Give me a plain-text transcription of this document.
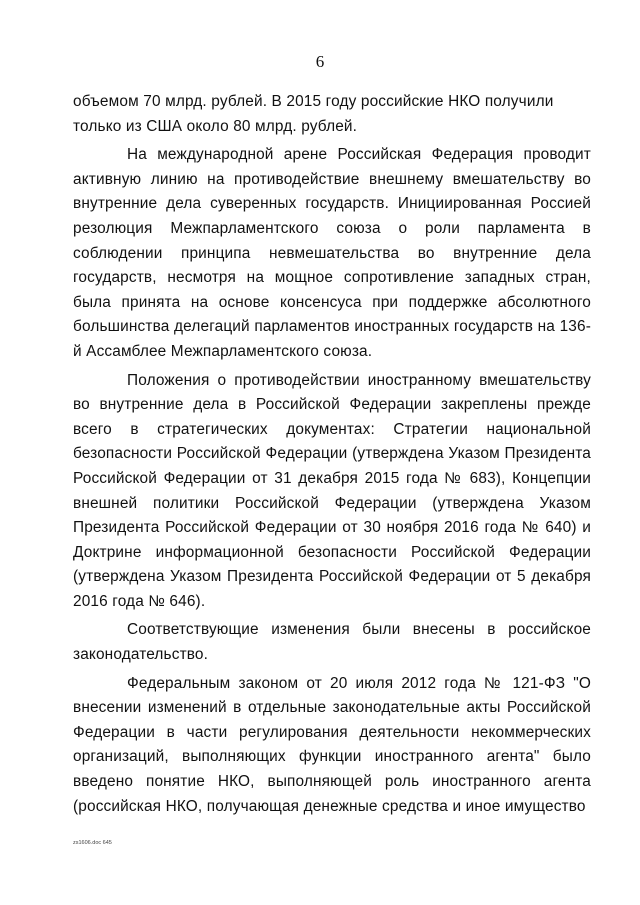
6

объемом 70 млрд. рублей. В 2015 году российские НКО получили только из США около 80 млрд. рублей.

На международной арене Российская Федерация проводит активную линию на противодействие внешнему вмешательству во внутренние дела суверенных государств. Инициированная Россией резолюция Межпарламентского союза о роли парламента в соблюдении принципа невмешательства во внутренние дела государств, несмотря на мощное сопротивление западных стран, была принята на основе консенсуса при поддержке абсолютного большинства делегаций парламентов иностранных государств на 136-й Ассамблее Межпарламентского союза.

Положения о противодействии иностранному вмешательству во внутренние дела в Российской Федерации закреплены прежде всего в стратегических документах: Стратегии национальной безопасности Российской Федерации (утверждена Указом Президента Российской Федерации от 31 декабря 2015 года № 683), Концепции внешней политики Российской Федерации (утверждена Указом Президента Российской Федерации от 30 ноября 2016 года № 640) и Доктрине информационной безопасности Российской Федерации (утверждена Указом Президента Российской Федерации от 5 декабря 2016 года № 646).

Соответствующие изменения были внесены в российское законодательство.

Федеральным законом от 20 июля 2012 года № 121-ФЗ "О внесении изменений в отдельные законодательные акты Российской Федерации в части регулирования деятельности некоммерческих организаций, выполняющих функции иностранного агента" было введено понятие НКО, выполняющей роль иностранного агента (российская НКО, получающая денежные средства и иное имущество

zs1606.doc 645
